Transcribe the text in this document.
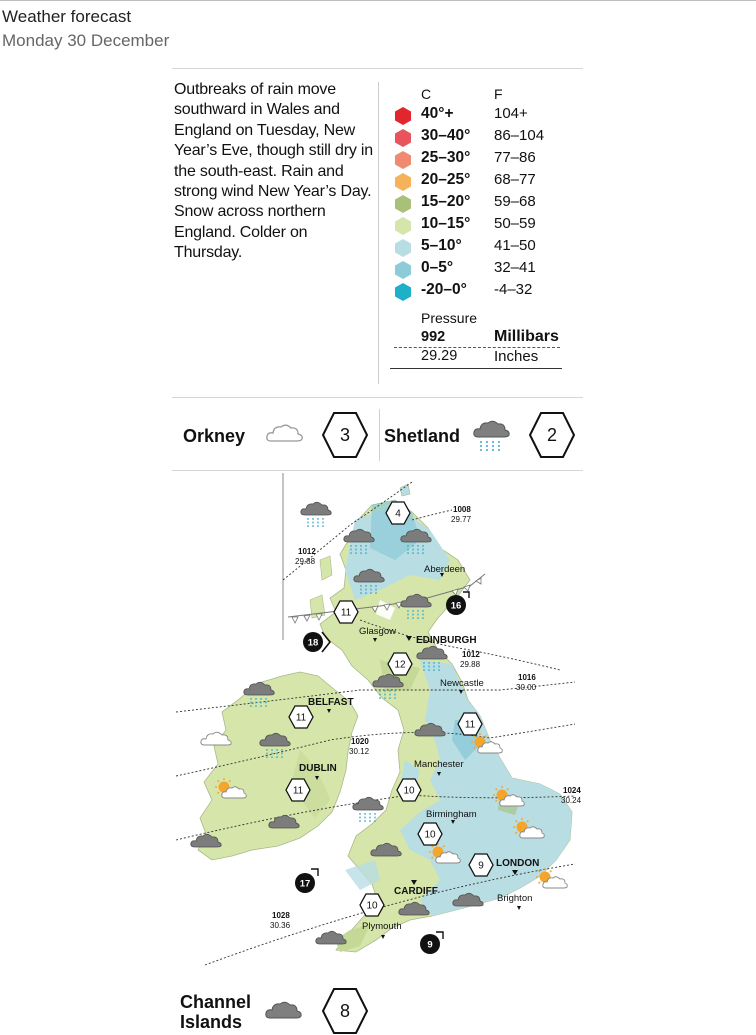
Weather forecast
Monday 30 December
Outbreaks of rain move southward in Wales and England on Tuesday, New Year’s Eve, though still dry in the south-east. Rain and strong wind New Year’s Day. Snow across northern England. Colder on Thursday.
C	F
40°+	104+
30–40° 86–104
25–30° 77–86
20–25° 68–77
15–20° 59–68
10–15° 50–59
5–10° 41–50
0–5°	32–41
-20–0° -4–32
Pressure
992	Millibars
29.29 Inches
Orkney	3 Shetland	2
Aberdeen
Glasgow
EDINBURGH
Newcastle
BELFAST
DUBLIN	Manchester
Birmingham
LONDON
CARDIFF
Brighton
Plymouth
1008
29.77
1012
29.88
1012
29.88
1016
30.00
1020
30.12
1024
30.24
1028
30.36
4
11
12
11
11
11	10
10
9
10
16
18
17
9
Channel
Islands
8
